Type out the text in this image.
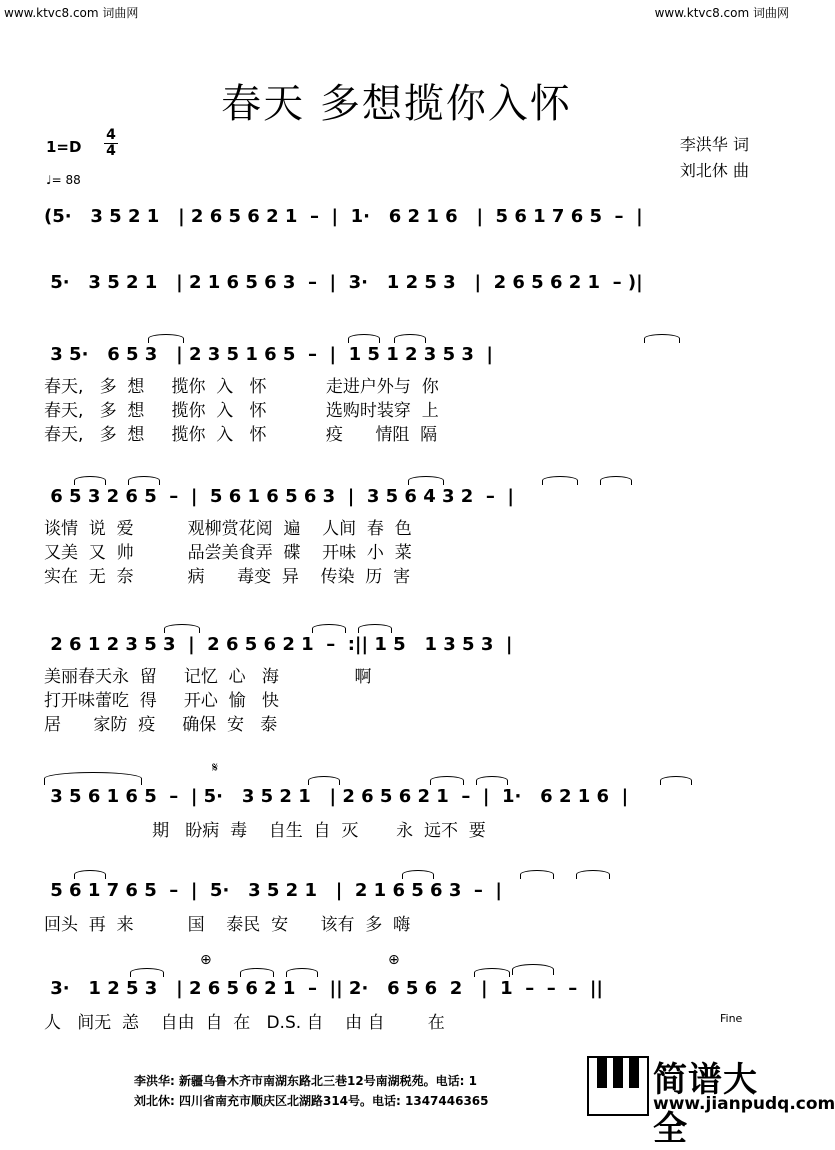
www.ktvc8.com 词曲网	www.ktvc8.com 词曲网
春天 多想揽你入怀
1=D
4
4
♩= 88
李洪华 词
刘北休 曲
(5·   3 5 2 1   | 2 6 5 6 2 1  –  |  1·   6 2 1 6   |  5 6 1 7 6 5  –  |
5·   3 5 2 1   | 2 1 6 5 6 3  –  |  3·   1 2 5 3   |  2 6 5 6 2 1  – )|
3 5·   6 5 3   | 2 3 5 1 6 5  –  |  1 5 1 2 3 5 3  |
春天,   多  想     揽你  入   怀           走进户外与  你
春天,   多  想     揽你  入   怀           选购时装穿  上
春天,   多  想     揽你  入   怀           疫      情阻  隔
6 5 3 2 6 5  –  |  5 6 1 6 5 6 3  |  3 5 6 4 3 2  –  |
谈情  说  爱          观柳赏花阅  遍    人间  春  色
又美  又  帅          品尝美食弄  碟    开味  小  菜
实在  无  奈          病      毒变  异    传染  历  害
2 6 1 2 3 5 3  |  2 6 5 6 2 1  –  :|| 1 5   1 3 5 3  |
美丽春天永  留     记忆  心   海              啊
打开味蕾吃  得     开心  愉   快
居      家防  疫     确保  安   泰
𝄋
3 5 6 1 6 5  –  | 5·   3 5 2 1   | 2 6 5 6 2 1  –  |  1·   6 2 1 6  |
期   盼病  毒    自生  自  灭       永  远不  要
5 6 1 7 6 5  –  |  5·   3 5 2 1   |  2 1 6 5 6 3  –  |
回头  再  来          国    泰民  安      该有  多  嗨
⊕	⊕
3·   1 2 5 3   | 2 6 5 6 2 1  –  || 2·   6 5 6  2   |  1  –  –  –  ||
人   间无  恙    自由  自  在   D.S. 自    由 自        在	Fine
李洪华: 新疆乌鲁木齐市南湖东路北三巷12号南湖税苑。电话: 1
刘北休: 四川省南充市顺庆区北湖路314号。电话: 1347446365
简谱大全
www.jianpudq.com
